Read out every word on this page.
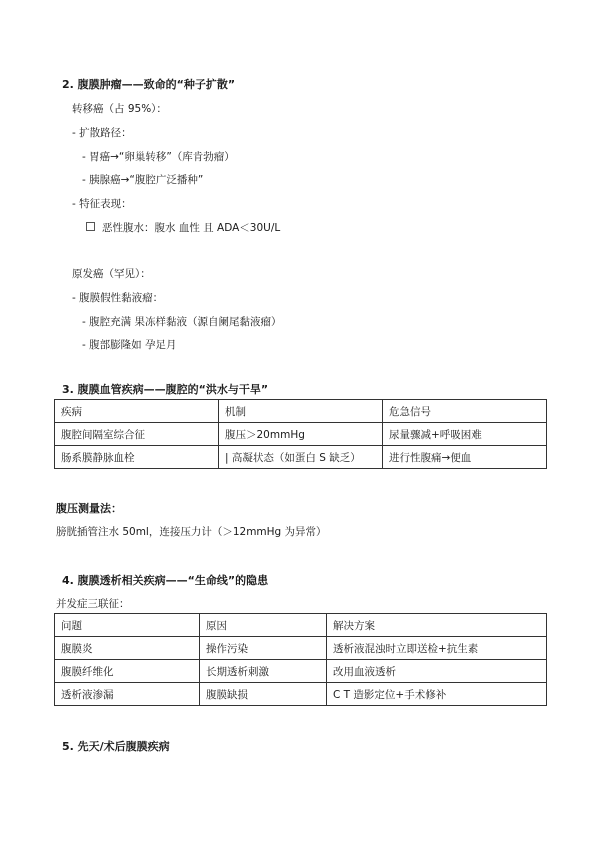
2. 腹膜肿瘤——致命的“种子扩散”
转移癌（占 95%）：
- 扩散路径：
- 胃癌→“卵巢转移”（库肯勃瘤）
- 胰腺癌→“腹腔广泛播种”
- 特征表现：
恶性腹水：腹水 血性 且 ADA＜30U/L
原发癌（罕见）：
- 腹膜假性黏液瘤：
- 腹腔充满 果冻样黏液（源自阑尾黏液瘤）
- 腹部膨隆如 孕足月
3. 腹膜血管疾病——腹腔的“洪水与干旱”
疾病	机制	危急信号
腹腔间隔室综合征	腹压＞20mmHg	尿量骤减+呼吸困难
肠系膜静脉血栓	| 高凝状态（如蛋白 S 缺乏）	进行性腹痛→便血
腹压测量法：
膀胱插管注水 50ml，连接压力计（＞12mmHg 为异常）
4. 腹膜透析相关疾病——“生命线”的隐患
并发症三联征：
问题	原因	解决方案
腹膜炎	操作污染	透析液混浊时立即送检+抗生素
腹膜纤维化	长期透析刺激	改用血液透析
透析液渗漏	腹膜缺损	C T 造影定位+手术修补
5. 先天/术后腹膜疾病
